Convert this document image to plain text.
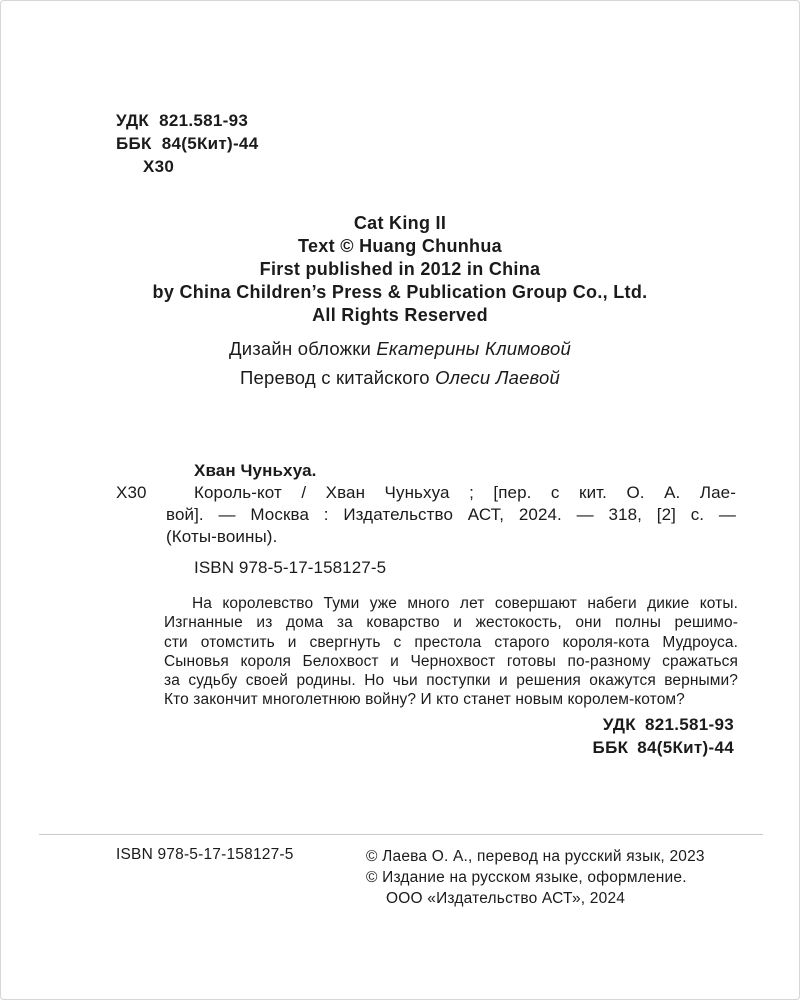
УДК 821.581-93
ББК 84(5Кит)-44
Х30
Cat King II
Text © Huang Chunhua
First published in 2012 in China
by China Children’s Press & Publication Group Co., Ltd.
All Rights Reserved
Дизайн обложки Екатерины Климовой
Перевод с китайского Олеси Лаевой
Хван Чуньхуа.
Х30	Король-кот / Хван Чуньхуа ; [пер. с кит. О. А. Лае-
вой]. — Москва : Издательство АСТ, 2024. — 318, [2] с. —
(Коты-воины).
ISBN 978-5-17-158127-5
На королевство Туми уже много лет совершают набеги дикие коты.
Изгнанные из дома за коварство и жестокость, они полны решимо-
сти отомстить и свергнуть с престола старого короля-кота Мудроуса.
Сыновья короля Белохвост и Чернохвост готовы по-разному сражаться
за судьбу своей родины. Но чьи поступки и решения окажутся верными?
Кто закончит многолетнюю войну? И кто станет новым королем-котом?
УДК 821.581-93
ББК 84(5Кит)-44
ISBN 978-5-17-158127-5	© Лаева О. А., перевод на русский язык, 2023
© Издание на русском языке, оформление.
ООО «Издательство АСТ», 2024
